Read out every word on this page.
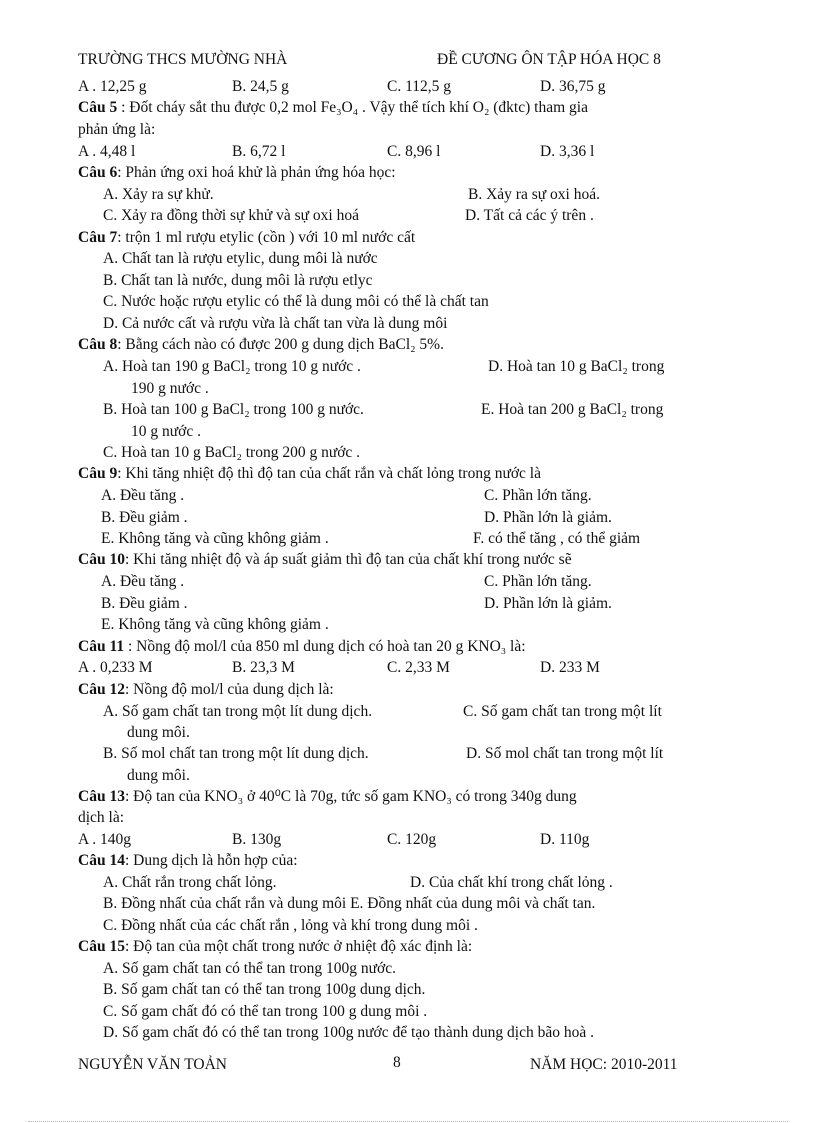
TRƯỜNG THCS MƯỜNG NHÀ	ĐỀ CƯƠNG ÔN TẬP HÓA HỌC 8
A . 12,25 g	B. 24,5 g	C. 112,5 g	D. 36,75 g
Câu 5 : Đốt cháy sắt thu được 0,2 mol Fe₃O₄ . Vậy thể tích khí O₂ (đktc) tham gia
phản ứng là:
A . 4,48 l	B. 6,72 l	C. 8,96 l	D. 3,36 l
Câu 6: Phản ứng oxi hoá khử là phản ứng hóa học:
A. Xảy ra sự khử.	B. Xảy ra sự oxi hoá.
C. Xảy ra đồng thời sự khử và sự oxi hoá	D. Tất cả các ý trên .
Câu 7: trộn 1 ml rượu etylic (cồn ) với 10 ml nước cất
A. Chất tan là rượu etylic, dung môi là nước
B. Chất tan là nước, dung môi là rượu etlyc
C. Nước hoặc rượu etylic có thể là dung môi có thể là chất tan
D. Cả nước cất và rượu vừa là chất tan vừa là dung môi
Câu 8: Bằng cách nào có được 200 g dung dịch BaCl₂ 5%.
A. Hoà tan 190 g BaCl₂ trong 10 g nước .	D. Hoà tan 10 g BaCl₂ trong
190 g nước .
B. Hoà tan 100 g BaCl₂ trong 100 g nước.	E. Hoà tan 200 g BaCl₂ trong
10 g nước .
C. Hoà tan 10 g BaCl₂ trong 200 g nước .
Câu 9: Khi tăng nhiệt độ thì độ tan của chất rắn và chất lỏng trong nước là
A. Đều tăng .	C. Phần lớn tăng.
B. Đều giảm .	D. Phần lớn là giảm.
E. Không tăng và cũng không giảm .	F. có thể tăng , có thể giảm
Câu 10: Khi tăng nhiệt độ và áp suất giảm thì độ tan của chất khí trong nước sẽ
A. Đều tăng .	C. Phần lớn tăng.
B. Đều giảm .	D. Phần lớn là giảm.
E. Không tăng và cũng không giảm .
Câu 11 : Nồng độ mol/l của 850 ml dung dịch có hoà tan 20 g KNO₃ là:
A . 0,233 M	B. 23,3 M	C. 2,33 M	D. 233 M
Câu 12: Nồng độ mol/l của dung dịch là:
A. Số gam chất tan trong một lít dung dịch.	C. Số gam chất tan trong một lít
dung môi.
B. Số mol chất tan trong một lít dung dịch.	D. Số mol chất tan trong một lít
dung môi.
Câu 13: Độ tan của KNO₃ ở 40⁰C là 70g, tức số gam KNO₃ có trong 340g dung
dịch là:
A . 140g	B. 130g	C. 120g	D. 110g
Câu 14: Dung dịch là hỗn hợp của:
A. Chất rắn trong chất lỏng.	D. Của chất khí trong chất lỏng .
B. Đồng nhất của chất rắn và dung môi E. Đồng nhất của dung môi và chất tan.
C. Đồng nhất của các chất rắn , lỏng và khí trong dung môi .
Câu 15: Độ tan của một chất trong nước ở nhiệt độ xác định là:
A. Số gam chất tan có thể tan trong 100g nước.
B. Số gam chất tan có thể tan trong 100g dung dịch.
C. Số gam chất đó có thể tan trong 100 g dung môi .
D. Số gam chất đó có thể tan trong 100g nước để tạo thành dung dịch bão hoà .
NGUYỄN VĂN TOẢN	8	NĂM HỌC: 2010-2011
